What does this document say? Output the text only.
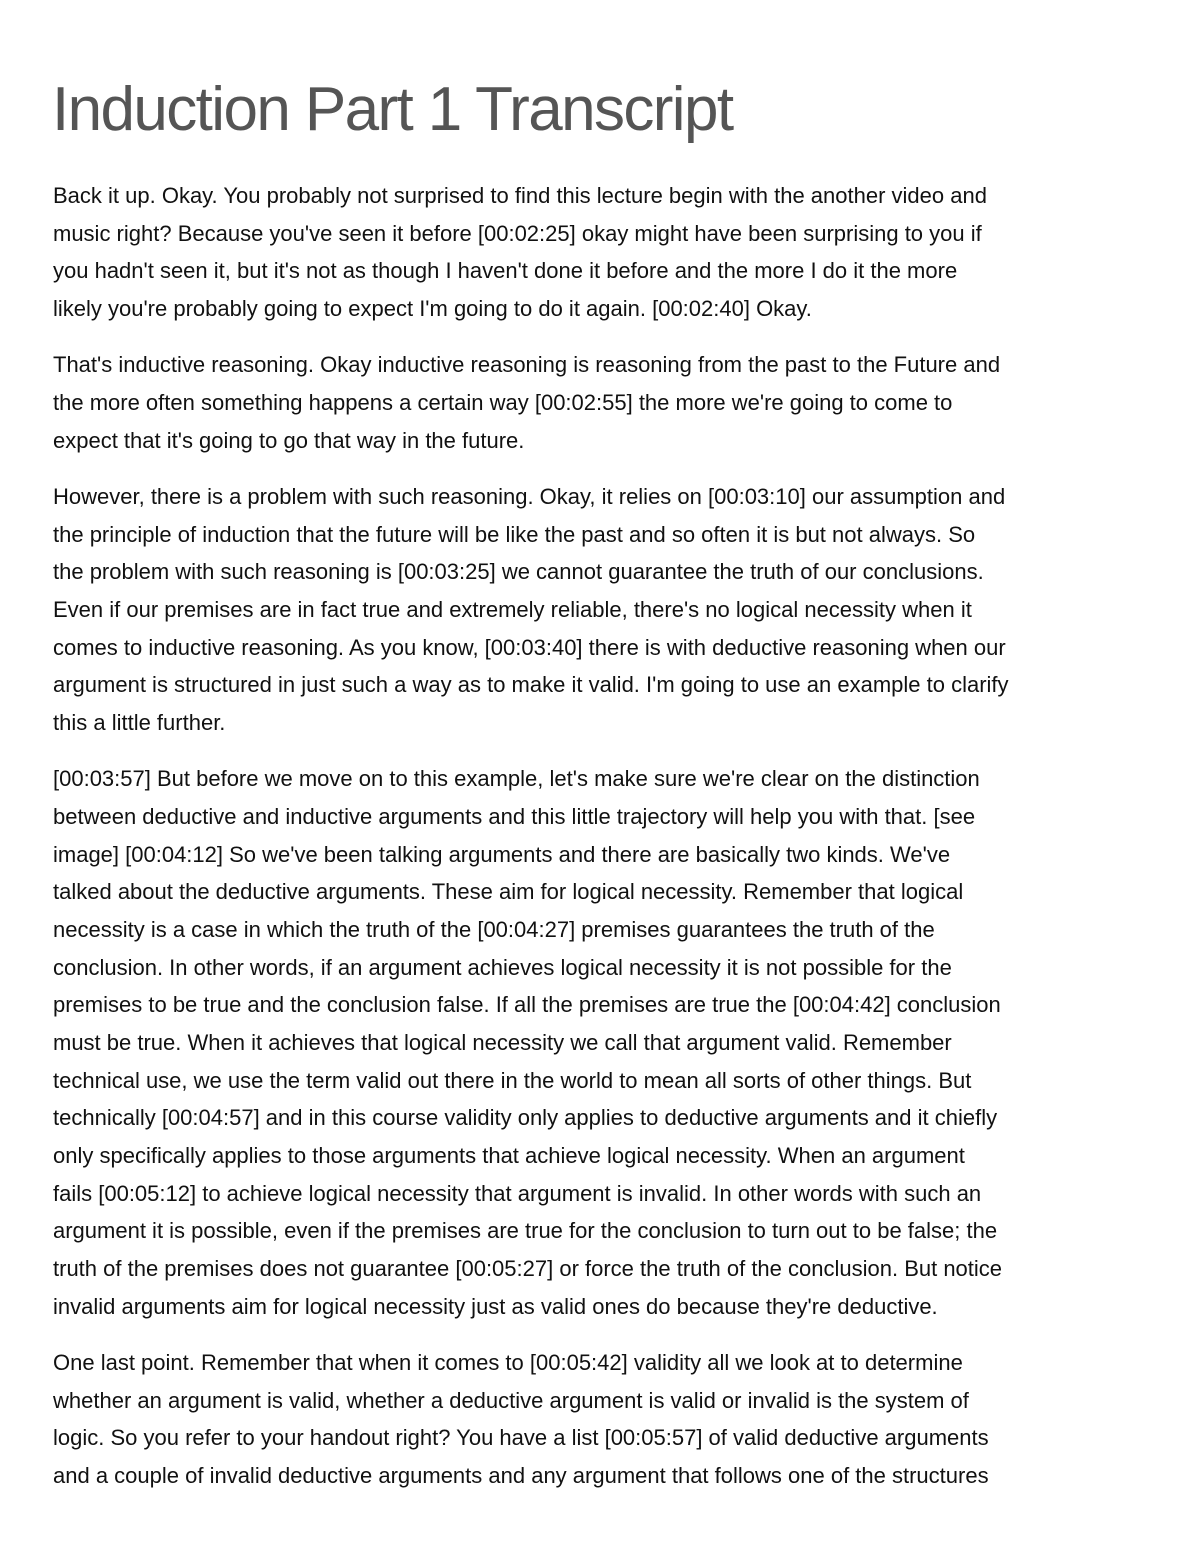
Induction Part 1 Transcript
Back it up. Okay. You probably not surprised to find this lecture begin with the another video and
music right? Because you've seen it before [00:02:25] okay might have been surprising to you if
you hadn't seen it, but it's not as though I haven't done it before and the more I do it the more
likely you're probably going to expect I'm going to do it again. [00:02:40] Okay.
That's inductive reasoning. Okay inductive reasoning is reasoning from the past to the Future and
the more often something happens a certain way [00:02:55] the more we're going to come to
expect that it's going to go that way in the future.
However, there is a problem with such reasoning. Okay, it relies on [00:03:10] our assumption and
the principle of induction that the future will be like the past and so often it is but not always. So
the problem with such reasoning is [00:03:25] we cannot guarantee the truth of our conclusions.
Even if our premises are in fact true and extremely reliable, there's no logical necessity when it
comes to inductive reasoning. As you know, [00:03:40] there is with deductive reasoning when our
argument is structured in just such a way as to make it valid. I'm going to use an example to clarify
this a little further.
[00:03:57] But before we move on to this example, let's make sure we're clear on the distinction
between deductive and inductive arguments and this little trajectory will help you with that. [see
image] [00:04:12] So we've been talking arguments and there are basically two kinds. We've
talked about the deductive arguments. These aim for logical necessity. Remember that logical
necessity is a case in which the truth of the [00:04:27] premises guarantees the truth of the
conclusion. In other words, if an argument achieves logical necessity it is not possible for the
premises to be true and the conclusion false. If all the premises are true the [00:04:42] conclusion
must be true. When it achieves that logical necessity we call that argument valid. Remember
technical use, we use the term valid out there in the world to mean all sorts of other things. But
technically [00:04:57] and in this course validity only applies to deductive arguments and it chiefly
only specifically applies to those arguments that achieve logical necessity. When an argument
fails [00:05:12] to achieve logical necessity that argument is invalid. In other words with such an
argument it is possible, even if the premises are true for the conclusion to turn out to be false; the
truth of the premises does not guarantee [00:05:27] or force the truth of the conclusion. But notice
invalid arguments aim for logical necessity just as valid ones do because they're deductive.
One last point. Remember that when it comes to [00:05:42] validity all we look at to determine
whether an argument is valid, whether a deductive argument is valid or invalid is the system of
logic. So you refer to your handout right? You have a list [00:05:57] of valid deductive arguments
and a couple of invalid deductive arguments and any argument that follows one of the structures
